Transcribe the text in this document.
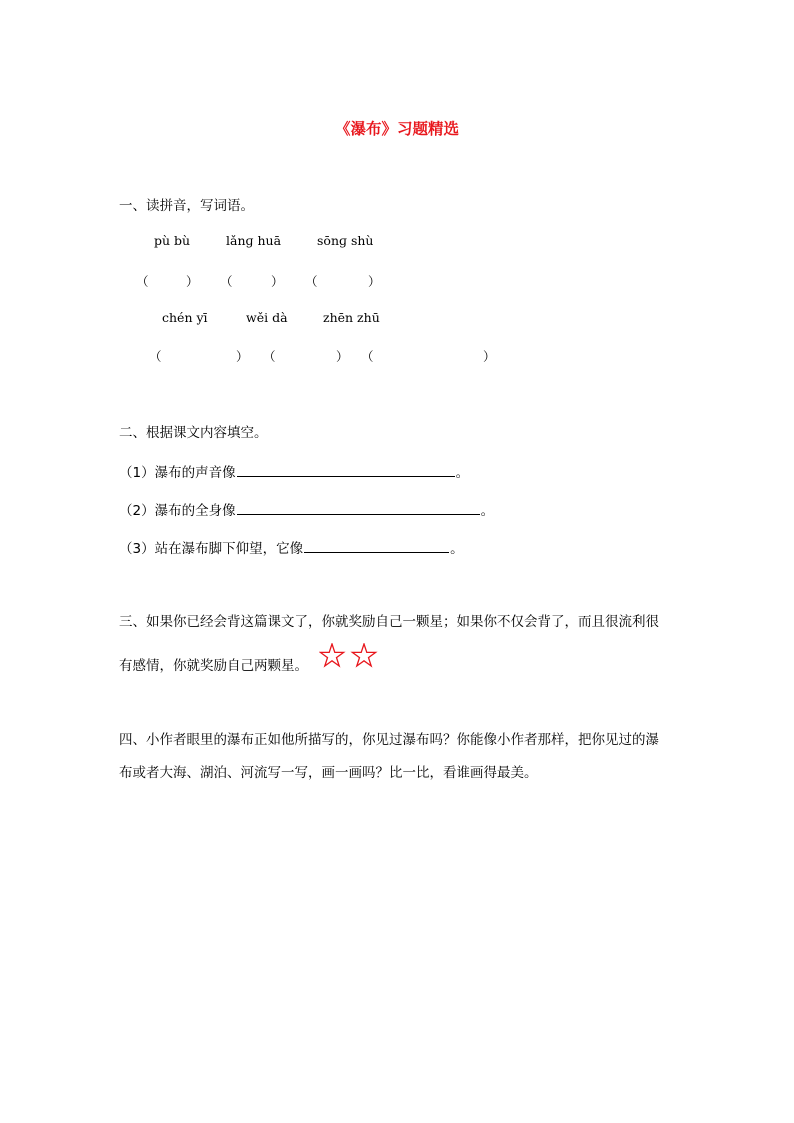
《瀑布》习题精选
一、读拼音，写词语。
pù bù	lǎnɡ huā	sōnɡ shù
（	） （	） （	）
chén yī	wěi dà	zhēn zhū
（	） （	） （	）
二、根据课文内容填空。
（1）瀑布的声音像	。
（2）瀑布的全身像	。
（3）站在瀑布脚下仰望，它像	。
三、如果你已经会背这篇课文了，你就奖励自己一颗星；如果你不仅会背了，而且很流利很
有感情，你就奖励自己两颗星。
四、小作者眼里的瀑布正如他所描写的，你见过瀑布吗？你能像小作者那样，把你见过的瀑
布或者大海、湖泊、河流写一写，画一画吗？比一比，看谁画得最美。
